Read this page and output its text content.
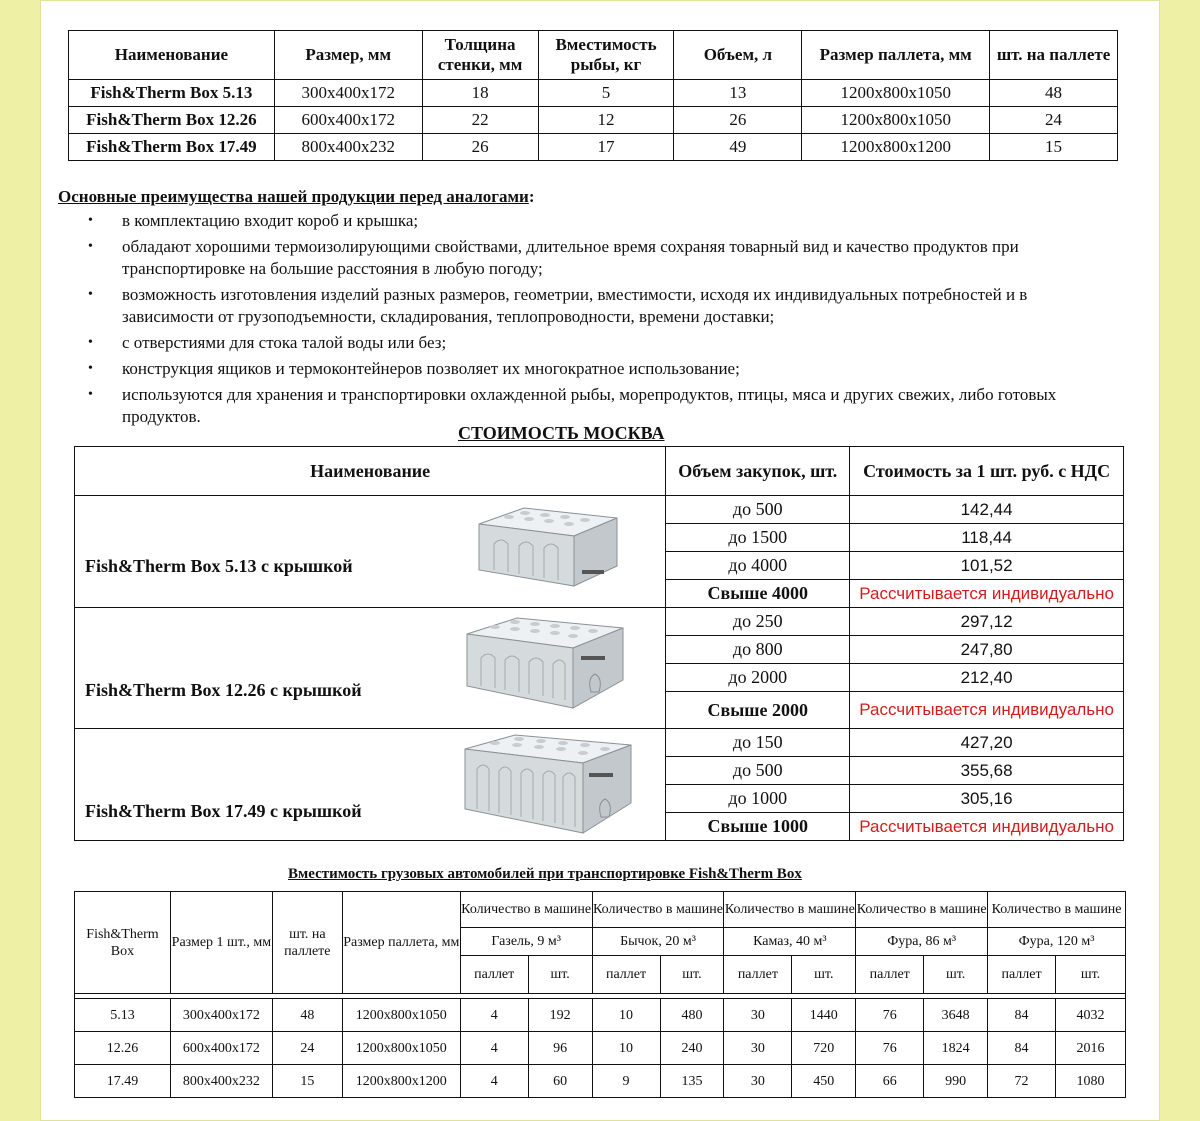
Наименование	Размер, мм	Толщина стенки, мм	Вместимость рыбы, кг	Объем, л	Размер паллета, мм	шт. на паллете
Fish&Therm Box 5.13	300х400х172	18	5	13	1200х800х1050	48
Fish&Therm Box 12.26	600х400х172	22	12	26	1200х800х1050	24
Fish&Therm Box 17.49	800х400х232	26	17	49	1200х800х1200	15
Основные преимущества нашей продукции перед аналогами:
• в комплектацию входит короб и крышка;
• обладают хорошими термоизолирующими свойствами, длительное время сохраняя товарный вид и качество продуктов при транспортировке на большие расстояния в любую погоду;
• возможность изготовления изделий разных размеров, геометрии, вместимости, исходя их индивидуальных потребностей и в зависимости от грузоподъемности, складирования, теплопроводности, времени доставки;
• с отверстиями для стока талой воды или без;
• конструкция ящиков и термоконтейнеров позволяет их многократное использование;
• используются для хранения и транспортировки охлажденной рыбы, морепродуктов, птицы, мяса и других свежих, либо готовых продуктов.
СТОИМОСТЬ МОСКВА
Наименование	Объем закупок, шт.	Стоимость за 1 шт. руб. с НДС

Fish&Therm Box 5.13 с крышкой	до 500	142,44
	до 1500	118,44
	до 4000	101,52
	Свыше 4000	Рассчитывается индивидуально

Fish&Therm Box 12.26 с крышкой	до 250	297,12
	до 800	247,80
	до 2000	212,40
	Свыше 2000	Рассчитывается индивидуально

Fish&Therm Box 17.49 с крышкой	до 150	427,20
	до 500	355,68
	до 1000	305,16
	Свыше 1000	Рассчитывается индивидуально
Вместимость грузовых автомобилей при транспортировке Fish&Therm Box
Fish&Therm Box	Размер 1 шт., мм	шт. на паллете	Размер паллета, мм	Количество в машине		Количество в машине		Количество в машине		Количество в машине		Количество в машине	
				Газель, 9 м³		Бычок, 20 м³		Камаз, 40 м³		Фура, 86 м³		Фура, 120 м³	
				паллет	шт.	паллет	шт.	паллет	шт.	паллет	шт.	паллет	шт.

5.13	300х400х172	48	1200х800х1050	4	192	10	480	30	1440	76	3648	84	4032
12.26	600х400х172	24	1200х800х1050	4	96	10	240	30	720	76	1824	84	2016
17.49	800х400х232	15	1200х800х1200	4	60	9	135	30	450	66	990	72	1080
